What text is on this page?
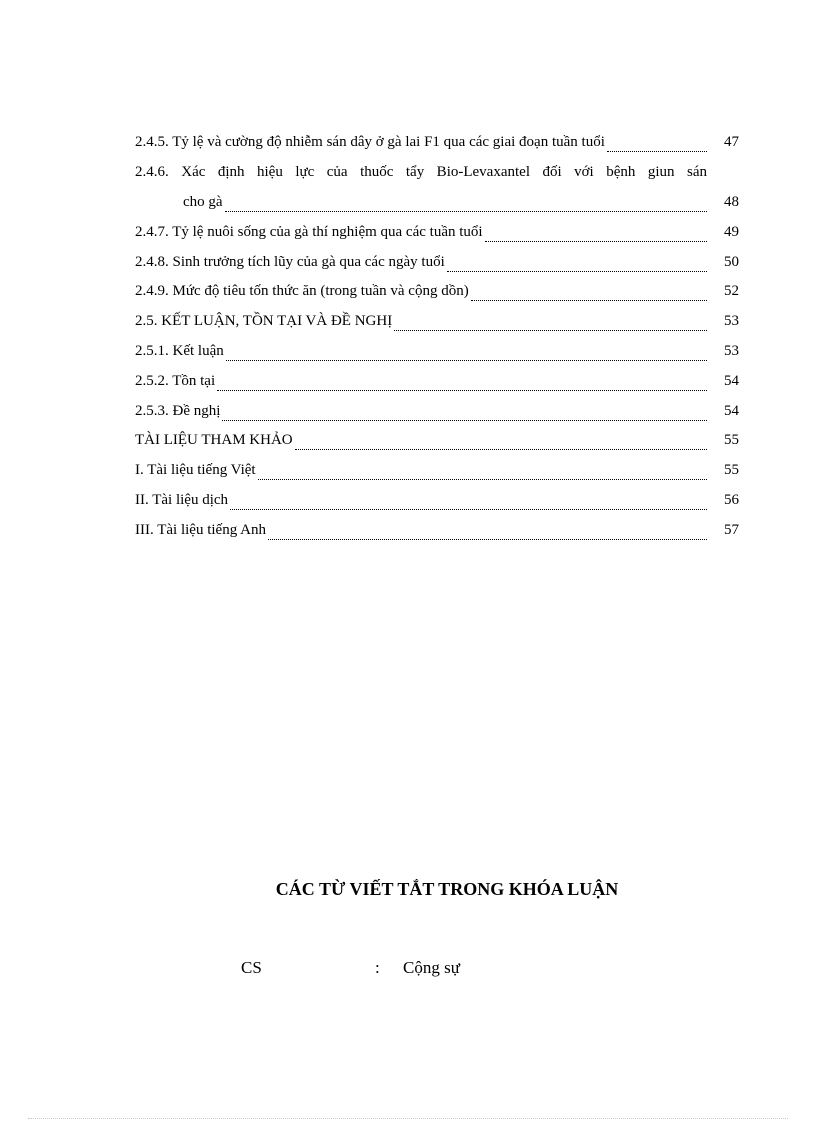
2.4.5. Tỷ lệ và cường độ nhiễm sán dây ở gà lai F1 qua các giai đoạn tuần tuổi	47
2.4.6. Xác định hiệu lực của thuốc tẩy Bio-Levaxantel đối với bệnh giun sán
cho gà	48
2.4.7. Tỷ lệ nuôi sống của gà thí nghiệm qua các tuần tuổi	49
2.4.8. Sinh trưởng tích lũy của gà qua các ngày tuổi	50
2.4.9. Mức độ tiêu tốn thức ăn (trong tuần và cộng dồn)	52
2.5. KẾT LUẬN, TỒN TẠI VÀ ĐỀ NGHỊ	53
2.5.1. Kết luận	53
2.5.2. Tồn tại	54
2.5.3. Đề nghị	54
TÀI LIỆU THAM KHẢO	55
I. Tài liệu tiếng Việt	55
II. Tài liệu dịch	56
III. Tài liệu tiếng Anh	57
CÁC TỪ VIẾT TẮT TRONG KHÓA LUẬN
CS	: Cộng sự
